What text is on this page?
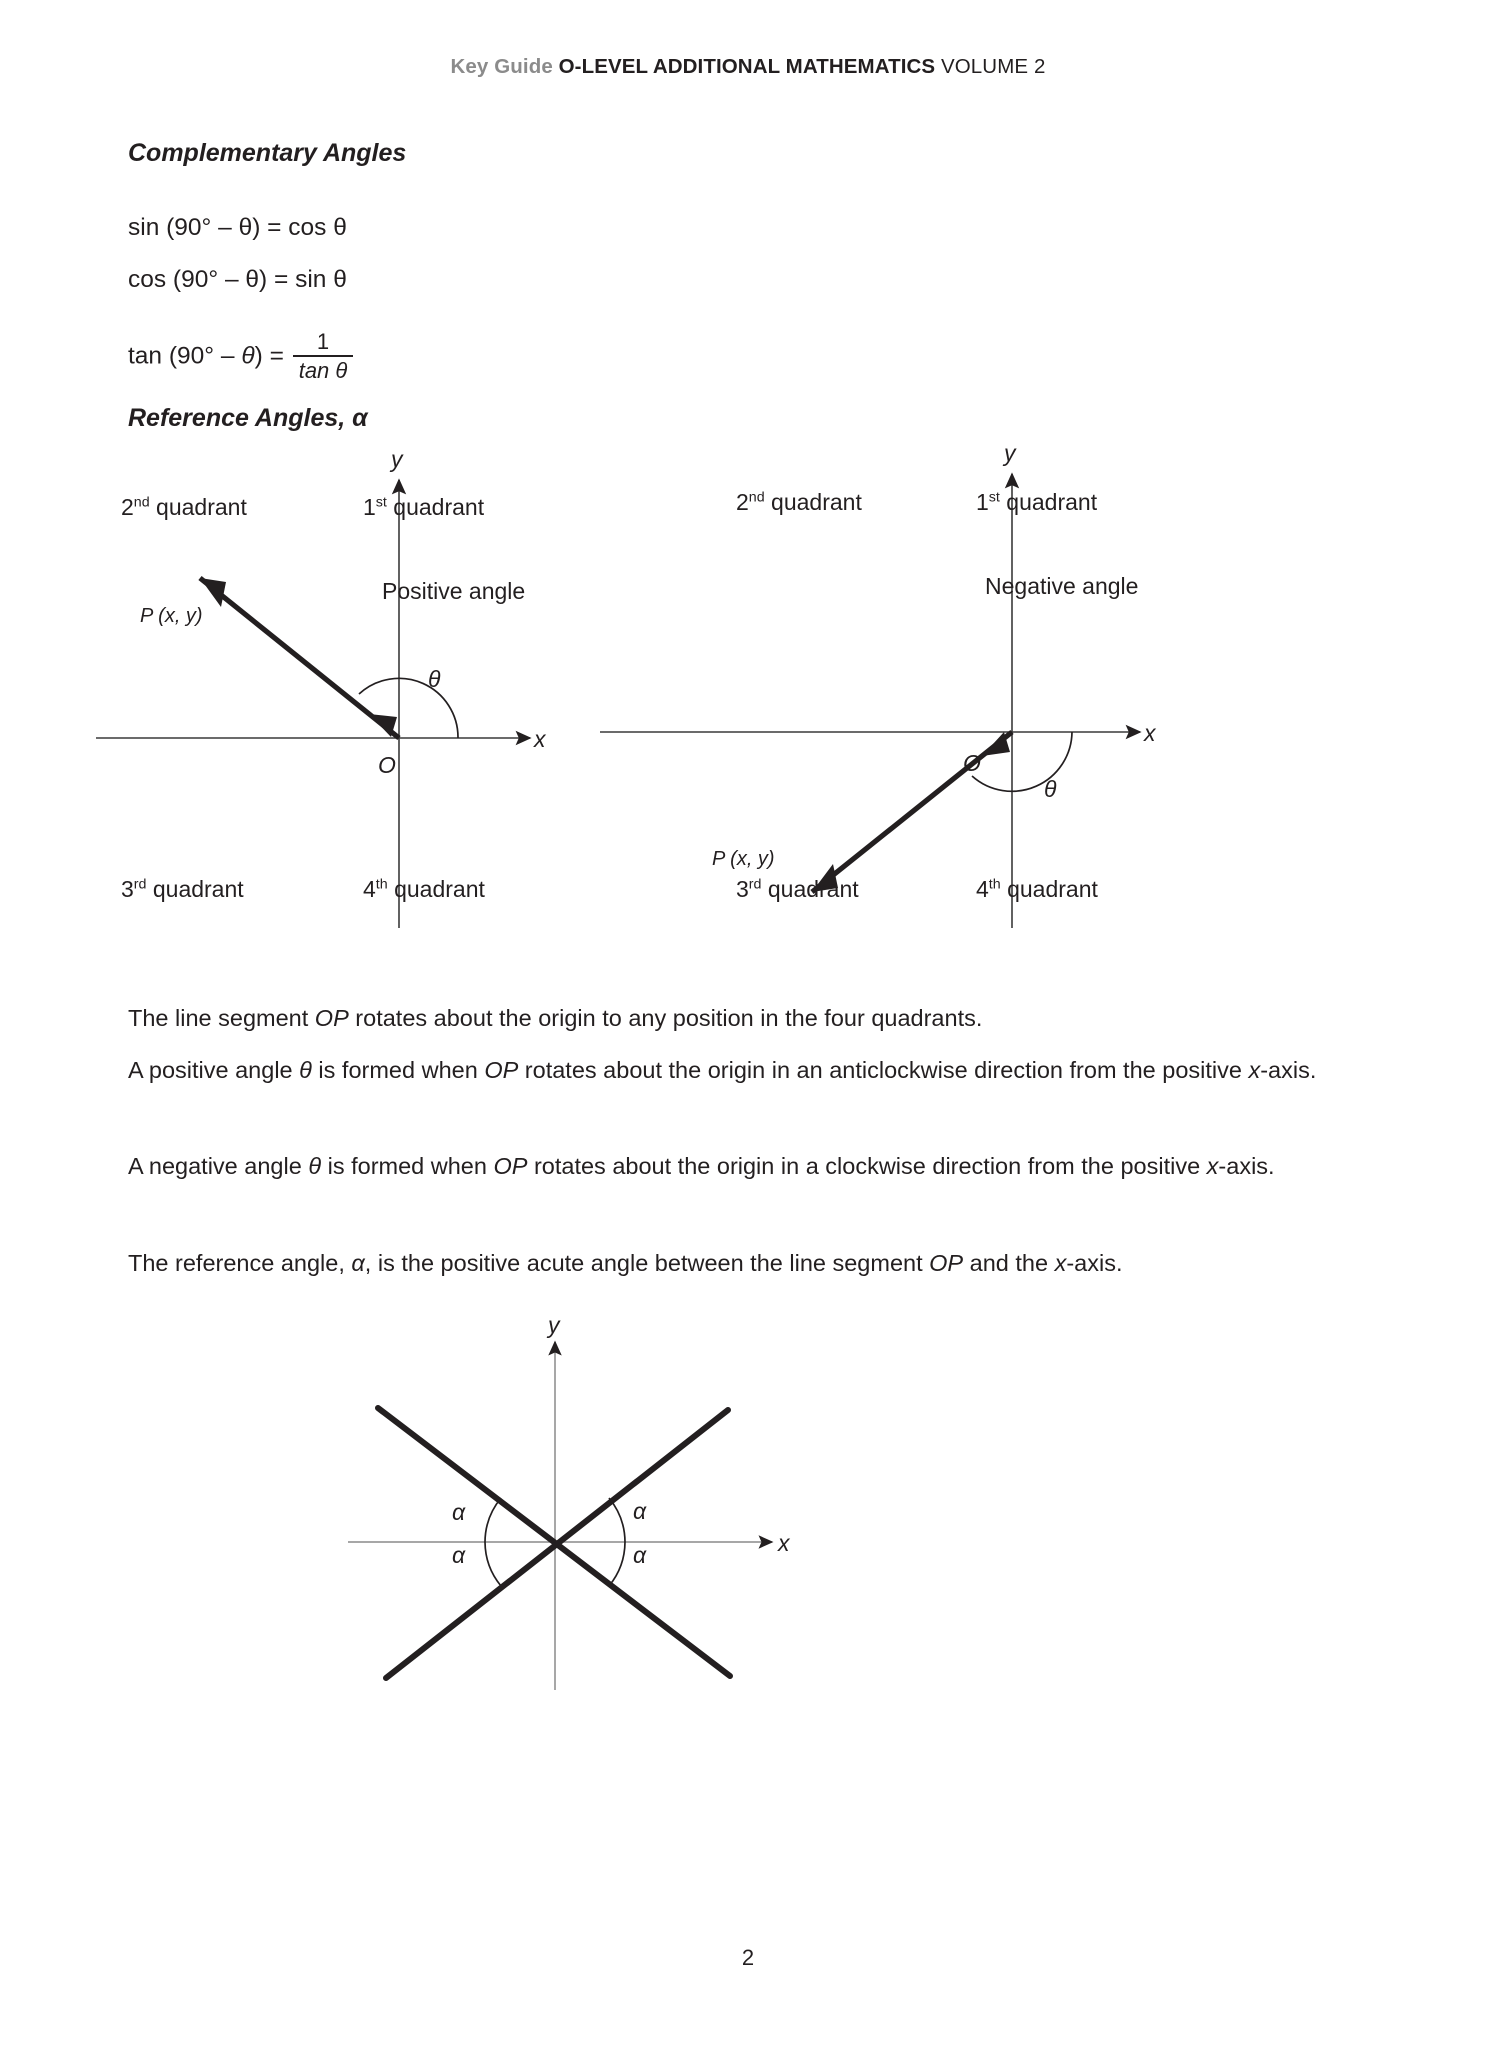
Key Guide O-LEVEL ADDITIONAL MATHEMATICS VOLUME 2
Complementary Angles
sin (90° – θ) = cos θ
cos (90° – θ) = sin θ
$\tan (90^\circ - \theta) = \frac{1}{\text{tan θ}}$
Reference Angles, α
y
x
O
P (x, y)
θ
2nd quadrant	1st quadrant
3rd quadrant	4th quadrant
Positive angle
y
x
O
P (x, y)
θ
2nd quadrant	1st quadrant
3rd quadrant	4th quadrant
Negative angle
The line segment OP rotates about the origin to any position in the four quadrants.
A positive angle θ is formed when OP rotates about the origin in an anticlockwise direction from the positive x-axis.
A negative angle θ is formed when OP rotates about the origin in a clockwise direction from the positive x-axis.
The reference angle, α, is the positive acute angle between the line segment OP and the x-axis.
y
x
α	α
α	α
2
